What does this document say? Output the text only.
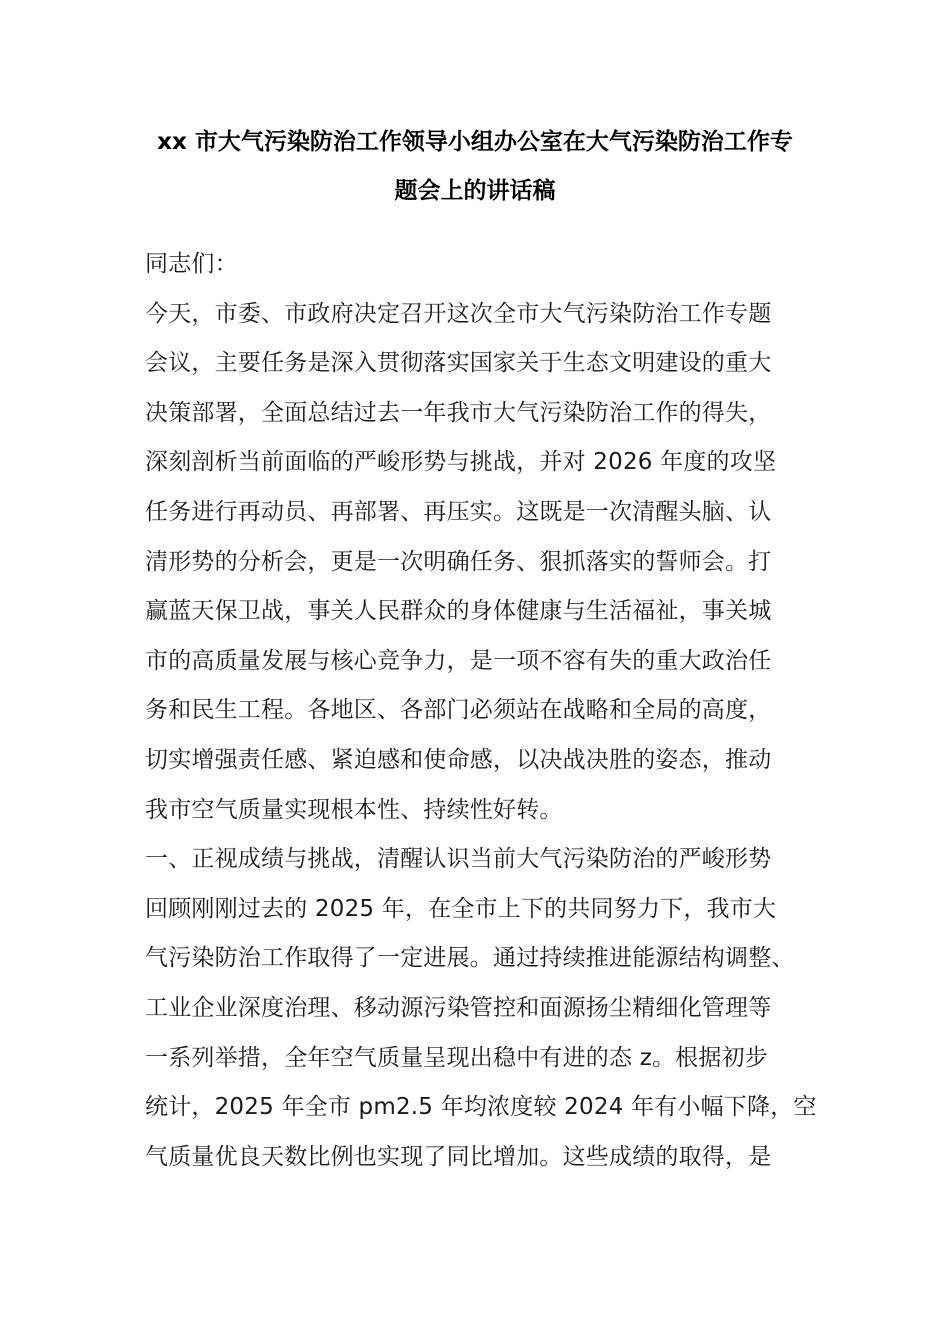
xx 市大气污染防治工作领导小组办公室在大气污染防治工作专
题会上的讲话稿
同志们：
今天，市委、市政府决定召开这次全市大气污染防治工作专题
会议，主要任务是深入贯彻落实国家关于生态文明建设的重大
决策部署，全面总结过去一年我市大气污染防治工作的得失，
深刻剖析当前面临的严峻形势与挑战，并对 2026 年度的攻坚
任务进行再动员、再部署、再压实。这既是一次清醒头脑、认
清形势的分析会，更是一次明确任务、狠抓落实的誓师会。打
赢蓝天保卫战，事关人民群众的身体健康与生活福祉，事关城
市的高质量发展与核心竞争力，是一项不容有失的重大政治任
务和民生工程。各地区、各部门必须站在战略和全局的高度，
切实增强责任感、紧迫感和使命感，以决战决胜的姿态，推动
我市空气质量实现根本性、持续性好转。
一、正视成绩与挑战，清醒认识当前大气污染防治的严峻形势
回顾刚刚过去的 2025 年，在全市上下的共同努力下，我市大
气污染防治工作取得了一定进展。通过持续推进能源结构调整、
工业企业深度治理、移动源污染管控和面源扬尘精细化管理等
一系列举措，全年空气质量呈现出稳中有进的态 z。根据初步
统计，2025 年全市 pm2.5 年均浓度较 2024 年有小幅下降，空
气质量优良天数比例也实现了同比增加。这些成绩的取得，是
